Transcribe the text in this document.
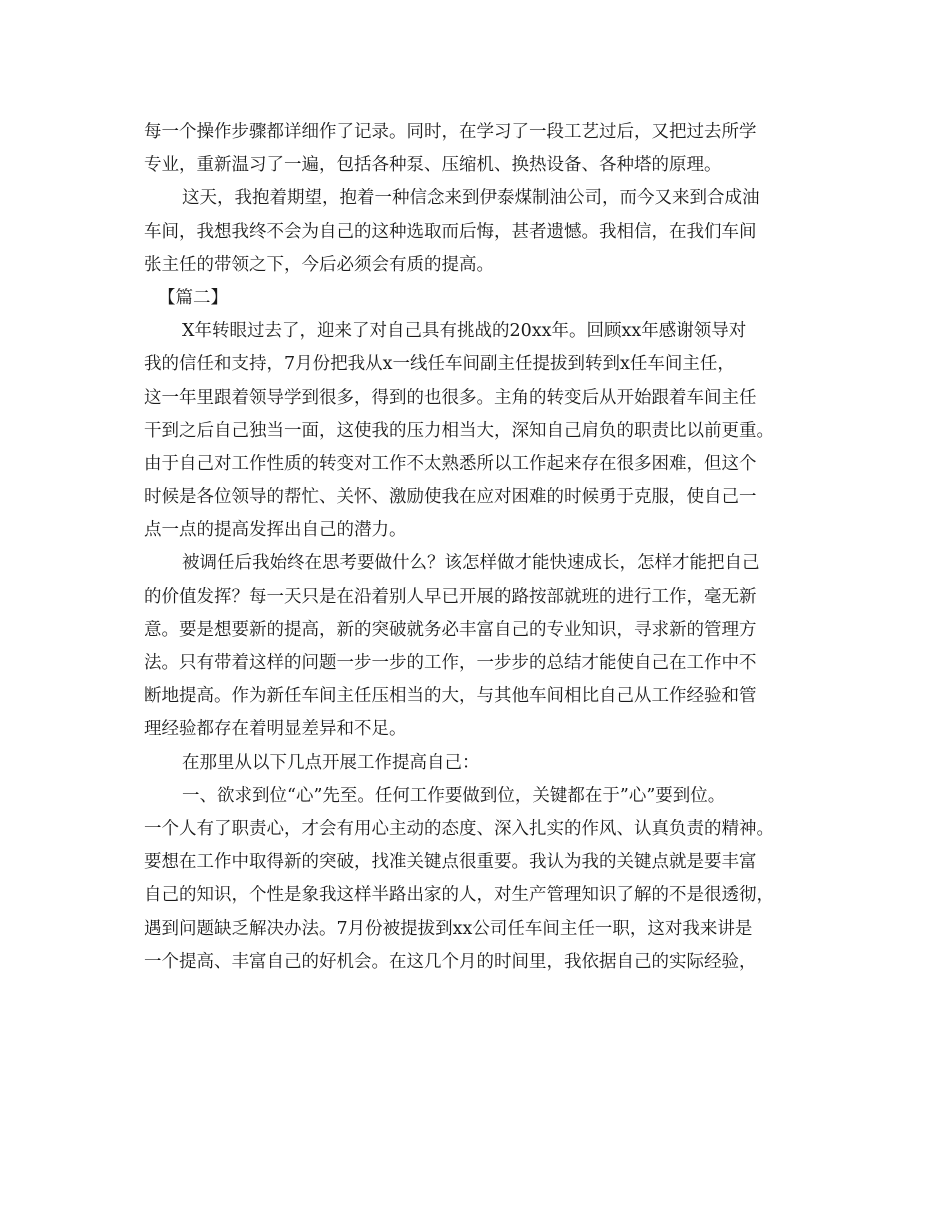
每一个操作步骤都详细作了记录。同时，在学习了一段工艺过后，又把过去所学
专业，重新温习了一遍，包括各种泵、压缩机、换热设备、各种塔的原理。
这天，我抱着期望，抱着一种信念来到伊泰煤制油公司，而今又来到合成油
车间，我想我终不会为自己的这种选取而后悔，甚者遗憾。我相信，在我们车间
张主任的带领之下，今后必须会有质的提高。
【篇二】
X年转眼过去了，迎来了对自己具有挑战的20xx年。回顾xx年感谢领导对
我的信任和支持，7月份把我从x一线任车间副主任提拔到转到x任车间主任，
这一年里跟着领导学到很多，得到的也很多。主角的转变后从开始跟着车间主任
干到之后自己独当一面，这使我的压力相当大，深知自己肩负的职责比以前更重。
由于自己对工作性质的转变对工作不太熟悉所以工作起来存在很多困难，但这个
时候是各位领导的帮忙、关怀、激励使我在应对困难的时候勇于克服，使自己一
点一点的提高发挥出自己的潜力。
被调任后我始终在思考要做什么？该怎样做才能快速成长，怎样才能把自己
的价值发挥？每一天只是在沿着别人早已开展的路按部就班的进行工作，毫无新
意。要是想要新的提高，新的突破就务必丰富自己的专业知识，寻求新的管理方
法。只有带着这样的问题一步一步的工作，一步步的总结才能使自己在工作中不
断地提高。作为新任车间主任压相当的大，与其他车间相比自己从工作经验和管
理经验都存在着明显差异和不足。
在那里从以下几点开展工作提高自己：
一、欲求到位“心”先至。任何工作要做到位，关键都在于”心”要到位。
一个人有了职责心，才会有用心主动的态度、深入扎实的作风、认真负责的精神。
要想在工作中取得新的突破，找准关键点很重要。我认为我的关键点就是要丰富
自己的知识，个性是象我这样半路出家的人，对生产管理知识了解的不是很透彻，
遇到问题缺乏解决办法。7月份被提拔到xx公司任车间主任一职，这对我来讲是
一个提高、丰富自己的好机会。在这几个月的时间里，我依据自己的实际经验，
